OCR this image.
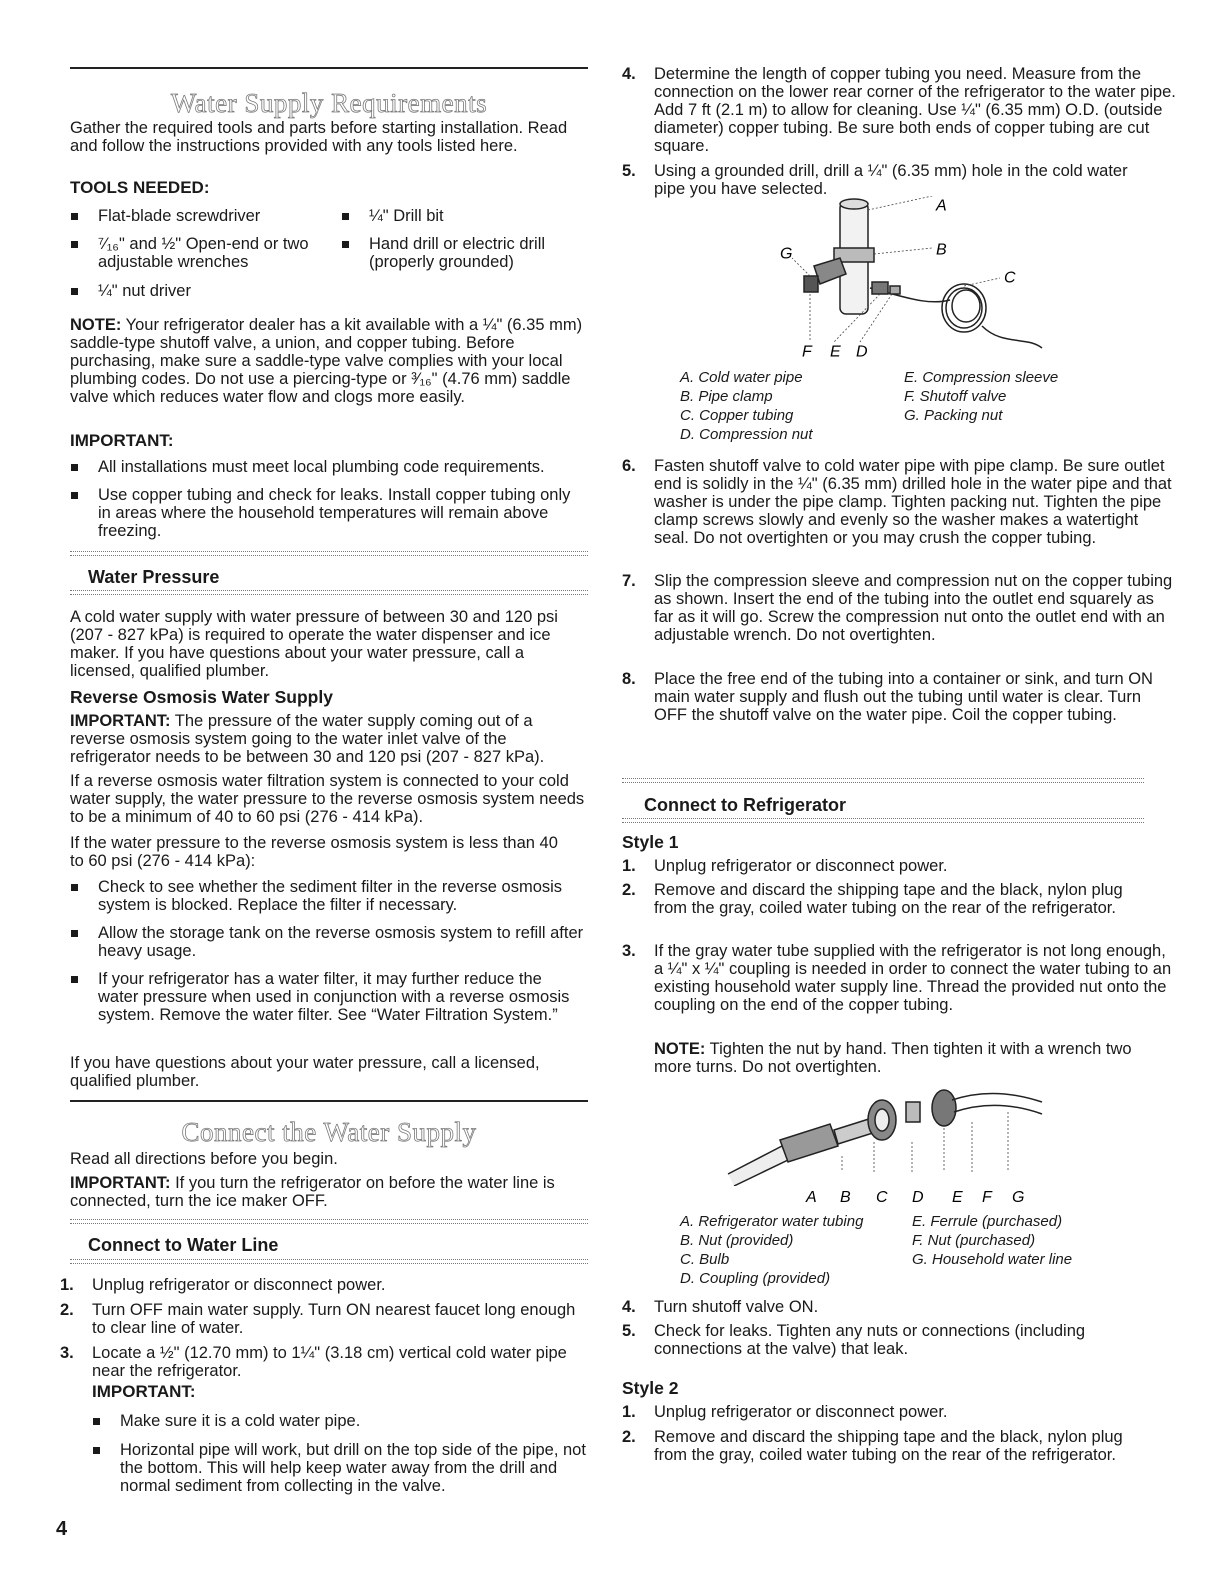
Water Supply Requirements

Gather the required tools and parts before starting installation. Read and follow the instructions provided with any tools listed here.

TOOLS NEEDED:
Flat-blade screwdriver	¼" Drill bit
⁷⁄₁₆" and ½" Open-end or two adjustable wrenches
Hand drill or electric drill (properly grounded)
¼" nut driver

NOTE: Your refrigerator dealer has a kit available with a ¼" (6.35 mm) saddle-type shutoff valve, a union, and copper tubing. Before purchasing, make sure a saddle-type valve complies with your local plumbing codes. Do not use a piercing-type or ³⁄₁₆" (4.76 mm) saddle valve which reduces water flow and clogs more easily.

IMPORTANT:
All installations must meet local plumbing code requirements.
Use copper tubing and check for leaks. Install copper tubing only in areas where the household temperatures will remain above freezing.
Water Pressure

A cold water supply with water pressure of between 30 and 120 psi (207 - 827 kPa) is required to operate the water dispenser and ice maker. If you have questions about your water pressure, call a licensed, qualified plumber.

Reverse Osmosis Water Supply

IMPORTANT: The pressure of the water supply coming out of a reverse osmosis system going to the water inlet valve of the refrigerator needs to be between 30 and 120 psi (207 - 827 kPa).

If a reverse osmosis water filtration system is connected to your cold water supply, the water pressure to the reverse osmosis system needs to be a minimum of 40 to 60 psi (276 - 414 kPa).

If the water pressure to the reverse osmosis system is less than 40 to 60 psi (276 - 414 kPa):

Check to see whether the sediment filter in the reverse osmosis system is blocked. Replace the filter if necessary.
Allow the storage tank on the reverse osmosis system to refill after heavy usage.
If your refrigerator has a water filter, it may further reduce the water pressure when used in conjunction with a reverse osmosis system. Remove the water filter. See “Water Filtration System.”

If you have questions about your water pressure, call a licensed, qualified plumber.

Connect the Water Supply

Read all directions before you begin.

IMPORTANT: If you turn the refrigerator on before the water line is connected, turn the ice maker OFF.

Connect to Water Line
1. Unplug refrigerator or disconnect power.
2. Turn OFF main water supply. Turn ON nearest faucet long enough to clear line of water.
3. Locate a ½" (12.70 mm) to 1¼" (3.18 cm) vertical cold water pipe near the refrigerator.
IMPORTANT:
Make sure it is a cold water pipe.
Horizontal pipe will work, but drill on the top side of the pipe, not the bottom. This will help keep water away from the drill and normal sediment from collecting in the valve.
4. Determine the length of copper tubing you need. Measure from the connection on the lower rear corner of the refrigerator to the water pipe. Add 7 ft (2.1 m) to allow for cleaning. Use ¼" (6.35 mm) O.D. (outside diameter) copper tubing. Be sure both ends of copper tubing are cut square.
5. Using a grounded drill, drill a ¼" (6.35 mm) hole in the cold water pipe you have selected.
A
B
C
G
F E D
A. Cold water pipe
B. Pipe clamp
C. Copper tubing
D. Compression nut
E. Compression sleeve
F. Shutoff valve
G. Packing nut
6. Fasten shutoff valve to cold water pipe with pipe clamp. Be sure outlet end is solidly in the ¼" (6.35 mm) drilled hole in the water pipe and that washer is under the pipe clamp. Tighten packing nut. Tighten the pipe clamp screws slowly and evenly so the washer makes a watertight seal. Do not overtighten or you may crush the copper tubing.
7. Slip the compression sleeve and compression nut on the copper tubing as shown. Insert the end of the tubing into the outlet end squarely as far as it will go. Screw the compression nut onto the outlet end with an adjustable wrench. Do not overtighten.
8. Place the free end of the tubing into a container or sink, and turn ON main water supply and flush out the tubing until water is clear. Turn OFF the shutoff valve on the water pipe. Coil the copper tubing.
Connect to Refrigerator
Style 1
1. Unplug refrigerator or disconnect power.
2. Remove and discard the shipping tape and the black, nylon plug from the gray, coiled water tubing on the rear of the refrigerator.
3. If the gray water tube supplied with the refrigerator is not long enough, a ¼" x ¼" coupling is needed in order to connect the water tubing to an existing household water supply line. Thread the provided nut onto the coupling on the end of the copper tubing.

NOTE: Tighten the nut by hand. Then tighten it with a wrench two more turns. Do not overtighten.

A B C D E F G
A. Refrigerator water tubing
B. Nut (provided)
C. Bulb
D. Coupling (provided)
E. Ferrule (purchased)
F. Nut (purchased)
G. Household water line
4. Turn shutoff valve ON.
5. Check for leaks. Tighten any nuts or connections (including connections at the valve) that leak.
Style 2
1. Unplug refrigerator or disconnect power.
2. Remove and discard the shipping tape and the black, nylon plug from the gray, coiled water tubing on the rear of the refrigerator.
4
